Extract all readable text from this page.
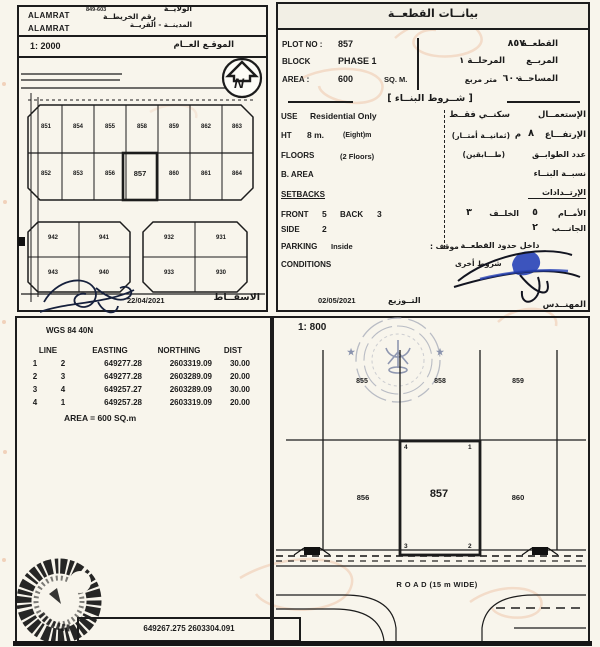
ALAMRAT
ALAMRAT
849-603
رقم الخريطــة
الولايــة
المدينــة - القريــة
1: 2000	الموقـع العــام
N
851	854	855	858	859	862	863
852	853	856	857	860	861	864
942	941
943	940
932	931
933	930
22/04/2021	الاسقــاط
بيانــات القطعــة
PLOT NO : 857
BLOCK	PHASE 1
AREA :	600	SQ. M.
٨٥٧
القطعــة
المرحلــة ١	المربــع
متر مربع ٦٠٠
المساحــة
[ شــروط البنــاء ]
USE Residential Only
HT 8 m.	(Eight)m
FLOORS	(2 Floors)
B. AREA
SETBACKS
FRONT 5 BACK 3
SIDE	2
PARKING Inside
CONDITIONS
سكنــي فقــط	الإستعمــال
(ثمانيــة أمتــار) م ٨	الإرتفـــاع
(طـــابقين)	عدد الطوابــق
نسبــة البنــاء
الإرتــدادات
٣	الخلــف	٥	الأمــام
٢	الجانـــب
موقف : داخل حدود القطعــة
شروط أخرى
02/05/2021	التــوزيع	المهنــدس
WGS 84 40N
LINE		EASTING	NORTHING	DIST
1	2	649277.28	2603319.09	30.00
2	3	649277.28	2603289.09	20.00
3	4	649257.27	2603289.09	30.00
4	1	649257.28	2603319.09	20.00
AREA = 600 SQ.m
1: 800
★	★
855	858	859
856	857	860
4	1
3	2
R O A D (15 m WIDE)
649267.275 2603304.091
